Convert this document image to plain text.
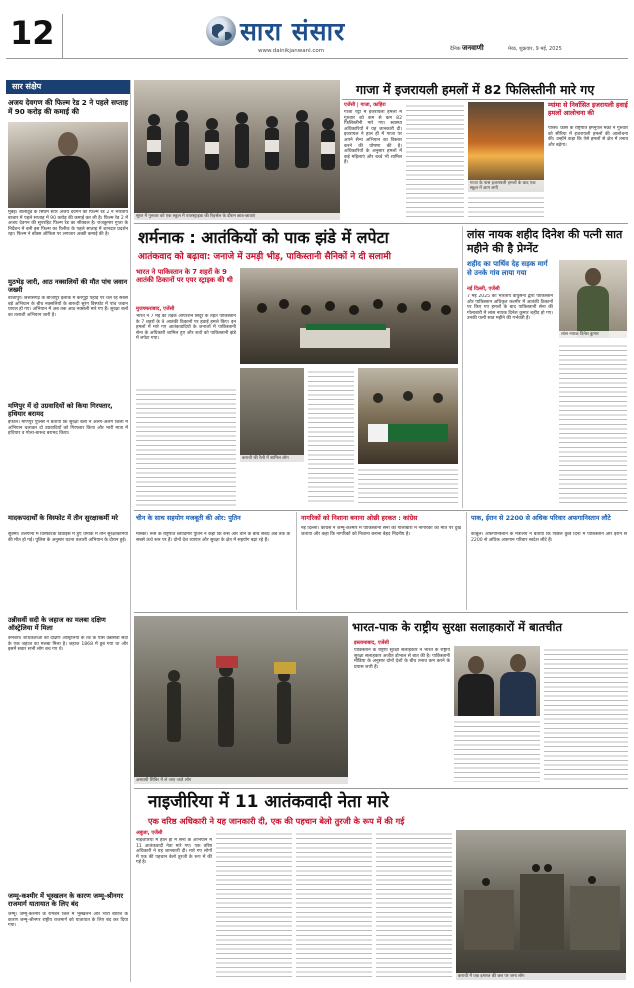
12	सारा संसार
www.dainikjanwani.com	दैनिक जनवाणी	मेरठ, शुक्रवार, 9 मई, 2025
सार संक्षेप
अजय देवगण की फिल्म रेड 2 ने पहले सप्ताह में 90 करोड़ की कमाई की
मुंबई। बॉलीवुड के सिंघम स्टार अजय देवगन की फिल्म रेड 2 ने भारतीय बाजार में पहले सप्ताह में 90 करोड़ की कमाई कर ली है। फिल्म रेड 2 में अजय देवगन की सुपरहिट फिल्म रेड का सीक्वल है। राजकुमार गुप्ता के निर्देशन में बनी इस फिल्म का रिलीज के पहले सप्ताह में शानदार प्रदर्शन रहा। फिल्म ने बॉक्स ऑफिस पर लगातार अच्छी कमाई की है।
मुठभेड़ जारी, आठ नक्सलियों की मौत पांच जवान जख्मी
बीजापुर। छत्तीसगढ़ के बीजापुर इलाके में कर्रेगुट्टा पहाड़ पर चल रहे सबसे बड़े अभियान के बीच नक्सलियों के बारूदी सुरंग विस्फोट में पांच जवान घायल हो गए। अभियान में अब तक आठ नक्सली मारे गए हैं। सुरक्षा बलों का तलाशी अभियान जारी है।
मणिपुर में दो उग्रवादियों को किया गिरफ्तार, हथियार बरामद
इंफाल। मणिपुर पुलिस ने बताया कि सुरक्षा बलों ने अलग-अलग जिलों में अभियान चलाकर दो उग्रवादियों को गिरफ्तार किया और भारी मात्रा में हथियार व गोला-बारूद बरामद किया।
मादकपदार्थों के विस्फोट में तीन सुरक्षाकर्मी मरे
सुक्मा। तेलंगाना में विस्फोटक डिवाइस में हुए धमाके में तीन सुरक्षाकर्मियों की मौत हो गई। पुलिस के अनुसार घटना तलाशी अभियान के दौरान हुई।
उन्नीसवीं सदी के जहाज का मलबा दक्षिण ऑस्ट्रेलिया में मिला
कैनबरा। शोधकर्ताओं को दक्षिण ऑस्ट्रेलिया के तट के पास उन्नीसवीं सदी के एक जहाज का मलबा मिला है। जहाज 1868 में डूब गया था और इसमें सवार सभी लोग बच गए थे।
जम्मू-कश्मीर में भूस्खलन के कारण जम्मू-श्रीनगर राजमार्ग यातायात के लिए बंद
जम्मू। जम्मू-कश्मीर के रामबन जिले में भूस्खलन और भारी बारिश के कारण जम्मू-श्रीनगर राष्ट्रीय राजमार्ग को यातायात के लिए बंद कर दिया गया।
सूरत में गुरुवार को एक स्कूल में एयरस्ट्राइक की रिहर्सल के दौरान छात्र-छात्राएं
गाजा में इजरायली हमलों में 82 फिलिस्तीनी मारे गए
एजेंसी | गाजा, काहिरा
गाजा पट्टी में इजरायली हमलों में गुरुवार को कम से कम 82 फिलिस्तीनी मारे गए। स्वास्थ्य अधिकारियों ने यह जानकारी दी। इजरायल ने हाल ही में गाजा पर अपने सैन्य अभियान का विस्तार करने की घोषणा की है। अधिकारियों के अनुसार हमलों में कई महिलाएं और बच्चे भी शामिल हैं।
गाजा के पास इजरायली हमलों के बाद एक स्कूल में आग लगी
म्यांमा से निर्वासित इजरायली हवाई हमलों आलोचना की
पेरिस। फ्रांस के राष्ट्रपति इमैनुएल मैक्रों ने गुरुवार को सीरिया में इजरायली हमलों की आलोचना की। उन्होंने कहा कि ऐसे हमलों से क्षेत्र में तनाव और बढ़ेगा।
शर्मनाक : आतंकियों को पाक झंडे में लपेटा
आतंकवाद को बढ़ावा: जनाजे में उमड़ी भीड़, पाकिस्तानी सैनिकों ने दी सलामी
भारत ने पाकिस्तान के 7 शहरों के 9 आतंकी ठिकानों पर एयर स्ट्राइक की थी
मुजफ्फराबाद, एजेंसी
भारत ने 7 मई को तड़के ऑपरेशन सिंदूर के तहत पाकिस्तान के 7 शहरों के 9 आतंकी ठिकानों पर हवाई हमले किए। इन हमलों में मारे गए आतंकवादियों के जनाजों में पाकिस्तानी सेना के अधिकारी शामिल हुए और शवों को पाकिस्तानी झंडे में लपेटा गया।
कराची की रैली में शामिल लोग
लांस नायक शहीद दिनेश की पत्नी सात महीने की है प्रेग्नेंट
शहीद का पार्थिव देह सड़क मार्ग से उनके गांव लाया गया
लांस नायक दिनेश कुमार
नई दिल्ली, एजेंसी
7 मई 2025 को भारतीय वायुसेना द्वारा पाकिस्तान और पाकिस्तान अधिकृत कश्मीर में आतंकी ठिकानों पर किए गए हमलों के बाद पाकिस्तानी सेना की गोलाबारी में लांस नायक दिनेश कुमार शहीद हो गए। उनकी पत्नी सात महीने की गर्भवती हैं।
चीन के साथ सहयोग मजबूती की ओर: पुतिन
मॉस्को। रूस के राष्ट्रपति व्लादिमीर पुतिन ने कहा कि रूस और चीन के बीच संबंध अब तक के सबसे ऊंचे स्तर पर हैं। दोनों देश व्यापार और सुरक्षा के क्षेत्र में सहयोग बढ़ा रहे हैं।
नागरिकों को निशाना बनाना ओछी हरकत : कांग्रेस
नई दिल्ली। कांग्रेस ने जम्मू-कश्मीर में पाकिस्तानी सेना की गोलाबारी में नागरिकों की मौत पर दुख जताया और कहा कि नागरिकों को निशाना बनाना बेहद निंदनीय है।
पाक, ईरान से 2200 से अधिक परिवार अफगानिस्तान लौटे
काबुल। अफगानिस्तान के मंत्रालय ने बताया कि पिछले कुछ दिनों में पाकिस्तान और ईरान से 2200 से अधिक अफगान परिवार स्वदेश लौटे हैं।
अस्थायी शिविर में ले जाए जाते लोग
भारत-पाक के राष्ट्रीय सुरक्षा सलाहकारों में बातचीत
इस्लामाबाद, एजेंसी
पाकिस्तान के राष्ट्रीय सुरक्षा सलाहकार ने भारत के राष्ट्रीय सुरक्षा सलाहकार अजीत डोभाल से बात की है। पाकिस्तानी मीडिया के अनुसार दोनों देशों के बीच तनाव कम करने के प्रयास जारी हैं।
नाइजीरिया में 11 आतंकवादी नेता मारे
एक वरिष्ठ अधिकारी ने यह जानकारी दी, एक की पहचान बेलो तुरजी के रूप में की गई
अबुजा, एजेंसी
नाइजीरिया में हाल ही में सेना के अभियान में 11 आतंकवादी नेता मारे गए। एक वरिष्ठ अधिकारी ने यह जानकारी दी। मारे गए लोगों में एक की पहचान बेलो तुरजी के रूप में की गई है।
कराची में एक इमारत की छत पर जमा लोग
